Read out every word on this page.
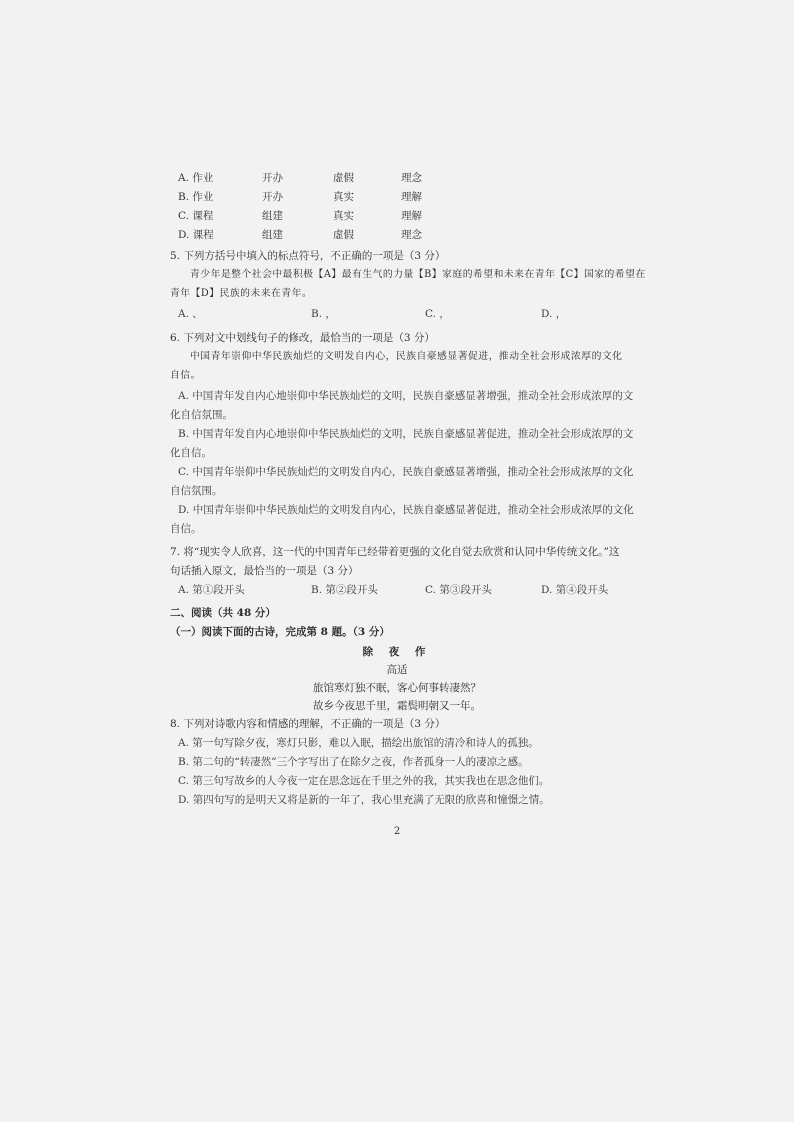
A. 作业	开办	虚假	理念
B. 作业	开办	真实	理解
C. 课程	组建	真实	理解
D. 课程	组建	虚假	理念
5. 下列方括号中填入的标点符号，不正确的一项是（3 分）
青少年是整个社会中最积极【A】最有生气的力量【B】家庭的希望和未来在青年【C】国家的希望在
青年【D】民族的未来在青年。
A. 、	B. ，	C. ，	D. ，
6. 下列对文中划线句子的修改，最恰当的一项是（3 分）
中国青年崇仰中华民族灿烂的文明发自内心，民族自豪感显著促进，推动全社会形成浓厚的文化
自信。
A. 中国青年发自内心地崇仰中华民族灿烂的文明，民族自豪感显著增强，推动全社会形成浓厚的文
化自信氛围。
B. 中国青年发自内心地崇仰中华民族灿烂的文明，民族自豪感显著促进，推动全社会形成浓厚的文
化自信。
C. 中国青年崇仰中华民族灿烂的文明发自内心，民族自豪感显著增强，推动全社会形成浓厚的文化
自信氛围。
D. 中国青年崇仰中华民族灿烂的文明发自内心，民族自豪感显著促进，推动全社会形成浓厚的文化
自信。
7. 将“现实令人欣喜，这一代的中国青年已经带着更强的文化自觉去欣赏和认同中华传统文化。”这
句话插入原文，最恰当的一项是（3 分）
A. 第①段开头	B. 第②段开头	C. 第③段开头	D. 第④段开头
二、阅读（共 48 分）
（一）阅读下面的古诗，完成第 8 题。（3 分）
除 夜 作
高适
旅馆寒灯独不眠，客心何事转凄然？
故乡今夜思千里，霜鬓明朝又一年。
8. 下列对诗歌内容和情感的理解，不正确的一项是（3 分）
A. 第一句写除夕夜，寒灯只影，难以入眠，描绘出旅馆的清冷和诗人的孤独。
B. 第二句的“转凄然”三个字写出了在除夕之夜，作者孤身一人的凄凉之感。
C. 第三句写故乡的人今夜一定在思念远在千里之外的我，其实我也在思念他们。
D. 第四句写的是明天又将是新的一年了，我心里充满了无限的欣喜和憧憬之情。
2
